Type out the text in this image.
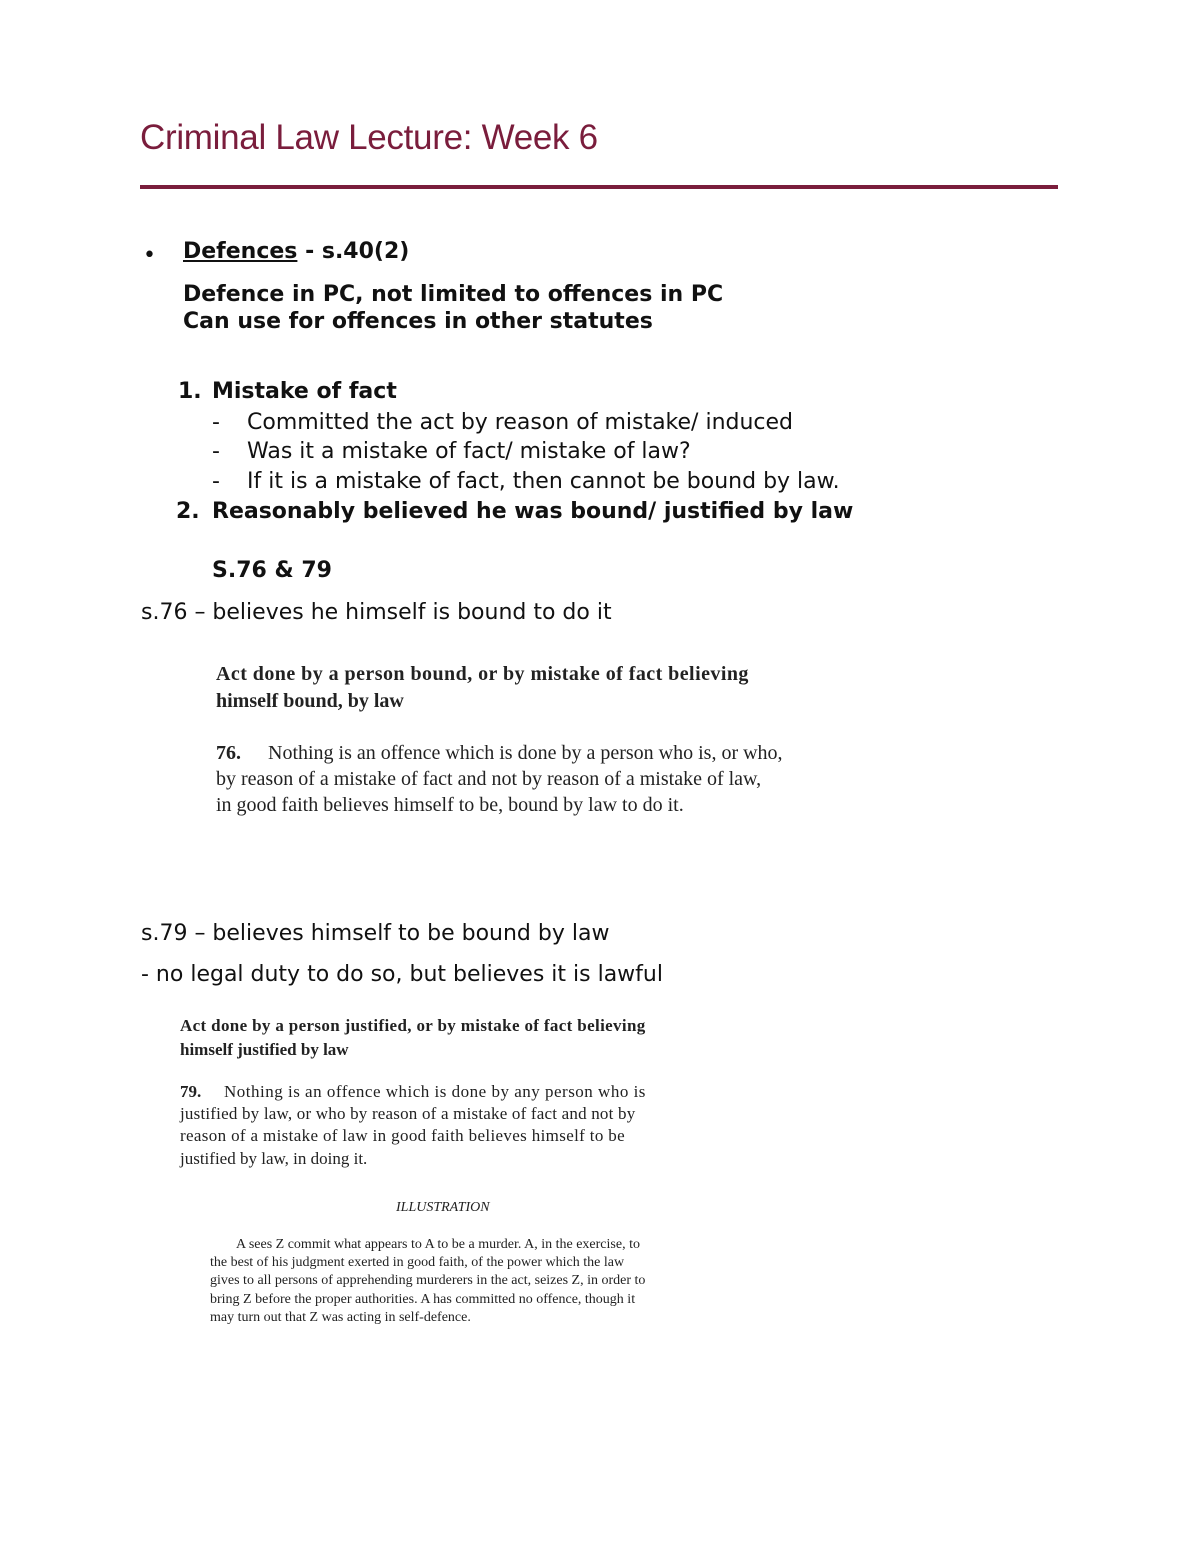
Criminal Law Lecture: Week 6
• Defences - s.40(2)
Defence in PC, not limited to offences in PC
Can use for offences in other statutes
1. Mistake of fact
- Committed the act by reason of mistake/ induced
- Was it a mistake of fact/ mistake of law?
- If it is a mistake of fact, then cannot be bound by law.
2. Reasonably believed he was bound/ justified by law
S.76 & 79
s.76 – believes he himself is bound to do it
Act done by a person bound, or by mistake of fact believing
himself bound, by law
76. Nothing is an offence which is done by a person who is, or who,
by reason of a mistake of fact and not by reason of a mistake of law,
in good faith believes himself to be, bound by law to do it.
s.79 – believes himself to be bound by law
- no legal duty to do so, but believes it is lawful
Act done by a person justified, or by mistake of fact believing
himself justified by law
79. Nothing is an offence which is done by any person who is
justified by law, or who by reason of a mistake of fact and not by
reason of a mistake of law in good faith believes himself to be
justified by law, in doing it.
ILLUSTRATION
A sees Z commit what appears to A to be a murder. A, in the exercise, to
the best of his judgment exerted in good faith, of the power which the law
gives to all persons of apprehending murderers in the act, seizes Z, in order to
bring Z before the proper authorities. A has committed no offence, though it
may turn out that Z was acting in self-defence.
